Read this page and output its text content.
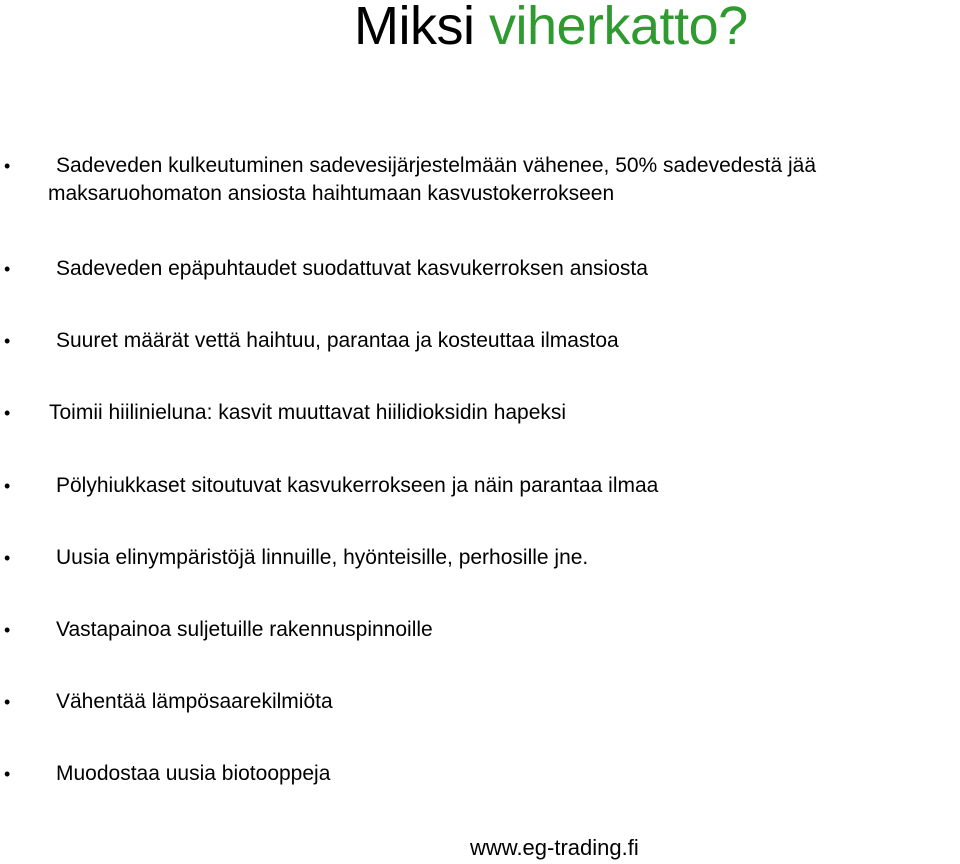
Miksi viherkatto?
•	Sadeveden kulkeutuminen sadevesijärjestelmään vähenee, 50% sadevedestä jää maksaruohomaton ansiosta haihtumaan kasvustokerrokseen
• Sadeveden epäpuhtaudet suodattuvat kasvukerroksen ansiosta
• Suuret määrät vettä haihtuu, parantaa ja kosteuttaa ilmastoa
• Toimii hiilinieluna: kasvit muuttavat hiilidioksidin hapeksi
• Pölyhiukkaset sitoutuvat kasvukerrokseen ja näin parantaa ilmaa
• Uusia elinympäristöjä linnuille, hyönteisille, perhosille jne.
• Vastapainoa suljetuille rakennuspinnoille
• Vähentää lämpösaarekilmiöta
• Muodostaa uusia biotooppeja
www.eg-trading.fi
